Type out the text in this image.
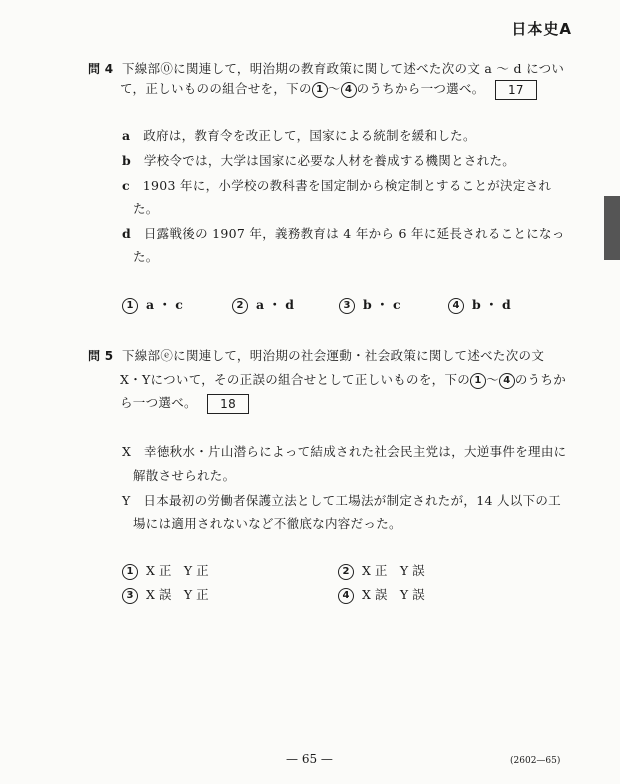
日本史A
問 4 下線部⓪に関連して，明治期の教育政策に関して述べた次の文 a ～ d につい
て，正しいものの組合せを，下の 1 ～ 4 のうちから一つ選べ。 17
a 政府は，教育令を改正して，国家による統制を緩和した。
b 学校令では，大学は国家に必要な人材を養成する機関とされた。
c 1903 年に，小学校の教科書を国定制から検定制とすることが決定され
た。
d 日露戦後の 1907 年，義務教育は 4 年から 6 年に延長されることになっ
た。
1 a ・ c	2 a ・ d	3 b ・ c	4 b ・ d
問 5 下線部ⓔに関連して，明治期の社会運動・社会政策に関して述べた次の文
X・Yについて，その正誤の組合せとして正しいものを，下の 1 ～ 4 のうちか
ら一つ選べ。 18
X 幸徳秋水・片山潜らによって結成された社会民主党は，大逆事件を理由に
解散させられた。
Y 日本最初の労働者保護立法として工場法が制定されたが，14 人以下の工
場には適用されないなど不徹底な内容だった。
1 X 正　Y 正	2 X 正　Y 誤
3 X 誤　Y 正	4 X 誤　Y 誤
— 65 —	(2602—65)
